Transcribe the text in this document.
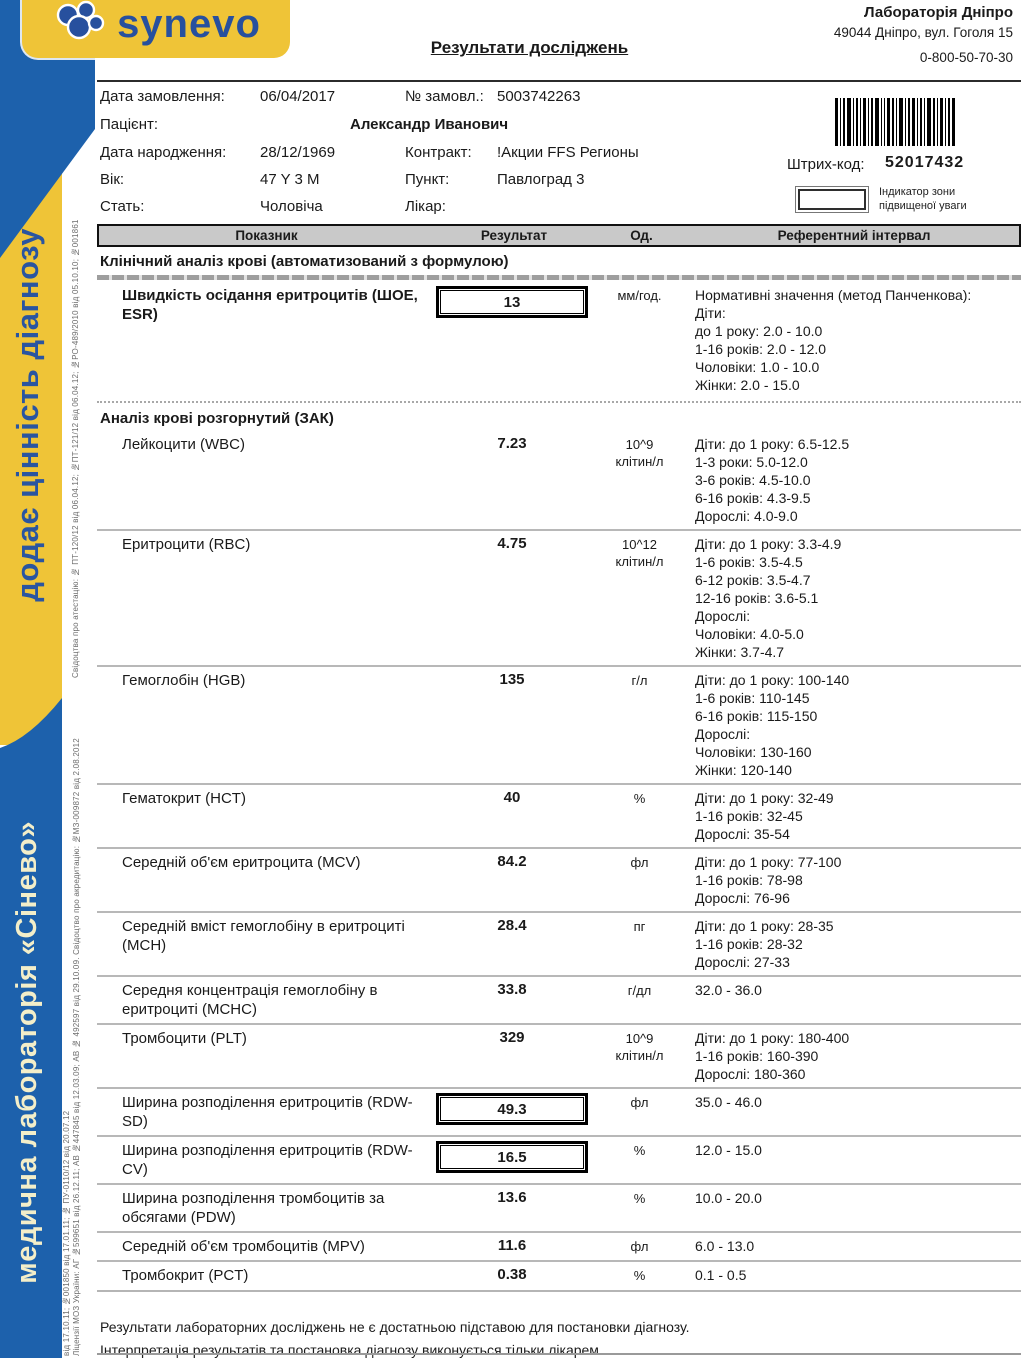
додає цінність діагнозу
медична лабораторія «Сінево»
Свідоцтва про атестацію: № ПТ-120/12 від 06.04.12; №ПТ-121/12 від 06.04.12; №РО-489/2010 від 05.10.10; №001861
Ліцензії МОЗ України: АГ №599651 від 26.12.11; АВ №447845 від 12.03.09; АВ № 492597 від 29.10.09. Свідоцтво про акредитацію: №МЗ-009872 від 2.08.2012
від 17.10.11; №001850 від 17.01.11; № ПУ-0110/12 від 20.07.12
synevo	Лабораторія Дніпро
49044 Дніпро, вул. Гоголя 15
0-800-50-70-30
Результати досліджень
Дата замовлення: 06/04/2017	№ замовл.: 5003742263
Пацієнт:	Александр Иванович
Дата народження: 28/12/1969	Контракт: !Акции FFS Регионы
Вік:	47 Y 3 M	Пункт:	Павлоград 3
Стать:	Чоловіча	Лікар:
Штрих-код: 52017432
Індикатор зони
підвищеної уваги
Показник	Результат	Од.	Референтний інтервал
Клінічний аналіз крові (автоматизований з формулою)
Швидкість осідання еритроцитів (ШОЕ, ESR)
13	мм/год.	Нормативні значення (метод Панченкова):
Діти:
до 1 року: 2.0 - 10.0
1-16 років: 2.0 - 12.0
Чоловіки: 1.0 - 10.0
Жінки: 2.0 - 15.0
Аналіз крові розгорнутий (ЗАК)
Лейкоцити (WBC)	7.23	10^9
клітин/л
Діти: до 1 року: 6.5-12.5
1-3 роки: 5.0-12.0
3-6 років: 4.5-10.0
6-16 років: 4.3-9.5
Дорослі: 4.0-9.0
Еритроцити (RBC)	4.75	10^12
клітин/л
Діти: до 1 року: 3.3-4.9
1-6 років: 3.5-4.5
6-12 років: 3.5-4.7
12-16 років: 3.6-5.1
Дорослі:
Чоловіки: 4.0-5.0
Жінки: 3.7-4.7
Гемоглобін (HGB)	135	г/л	Діти: до 1 року: 100-140
1-6 років: 110-145
6-16 років: 115-150
Дорослі:
Чоловіки: 130-160
Жінки: 120-140
Гематокрит (HCT)	40	%	Діти: до 1 року: 32-49
1-16 років: 32-45
Дорослі: 35-54
Середній об'єм еритроцита (MCV)	84.2	фл	Діти: до 1 року: 77-100
1-16 років: 78-98
Дорослі: 76-96
Середній вміст гемоглобіну в еритроциті (MCH)
28.4	пг	Діти: до 1 року: 28-35
1-16 років: 28-32
Дорослі: 27-33
Середня концентрація гемоглобіну в еритроциті (MCHC)
33.8	г/дл	32.0 - 36.0
Тромбоцити (PLT)	329	10^9
клітин/л
Діти: до 1 року: 180-400
1-16 років: 160-390
Дорослі: 180-360
Ширина розподілення еритроцитів (RDW-SD)
49.3	фл	35.0 - 46.0
Ширина розподілення еритроцитів (RDW-CV)
16.5	%	12.0 - 15.0
Ширина розподілення тромбоцитів за обсягами (PDW)
13.6	%	10.0 - 20.0
Середній об'єм тромбоцитів (MPV)	11.6	фл	6.0 - 13.0
Тромбокрит (PCT)	0.38	%	0.1 - 0.5
Результати лабораторних досліджень не є достатньою підставою для постановки діагнозу.
Інтерпретація результатів та постановка діагнозу виконується тільки лікарем.
